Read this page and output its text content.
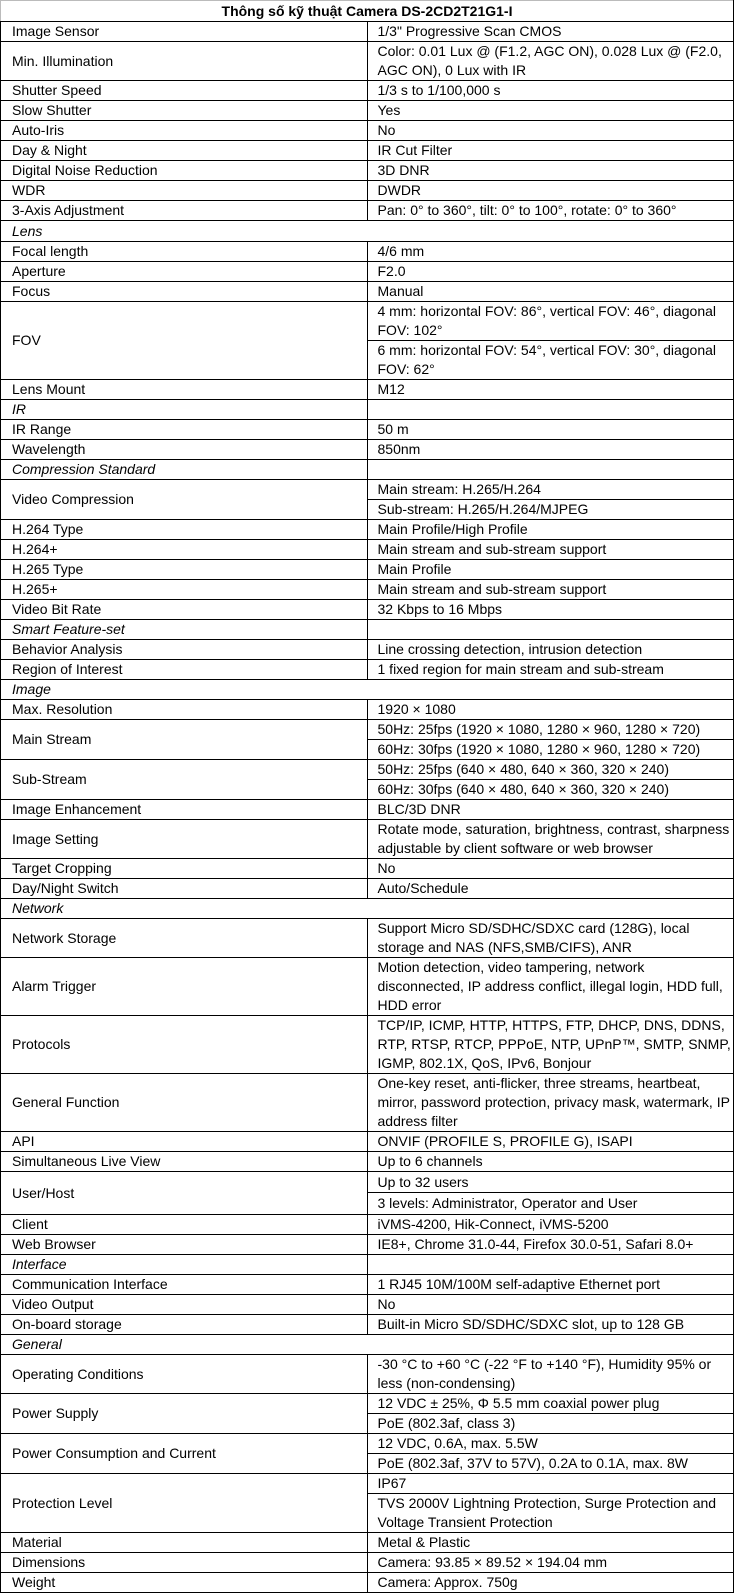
Thông số kỹ thuật Camera DS-2CD2T21G1-I	
Image Sensor	1/3" Progressive Scan CMOS
Min. Illumination	Color: 0.01 Lux @ (F1.2, AGC ON), 0.028 Lux @ (F2.0, AGC ON), 0 Lux with IR
Shutter Speed	1/3 s to 1/100,000 s
Slow Shutter	Yes
Auto-Iris	No
Day & Night	IR Cut Filter
Digital Noise Reduction	3D DNR
WDR	DWDR
3-Axis Adjustment	Pan: 0° to 360°, tilt: 0° to 100°, rotate: 0° to 360°
Lens	
Focal length	4/6 mm
Aperture	F2.0
Focus	Manual
FOV	4 mm: horizontal FOV: 86°, vertical FOV: 46°, diagonal FOV: 102°
	6 mm: horizontal FOV: 54°, vertical FOV: 30°, diagonal FOV: 62°
Lens Mount	M12
IR	
IR Range	50 m
Wavelength	850nm
Compression Standard	
Video Compression	Main stream: H.265/H.264
	Sub-stream: H.265/H.264/MJPEG
H.264 Type	Main Profile/High Profile
H.264+	Main stream and sub-stream support
H.265 Type	Main Profile
H.265+	Main stream and sub-stream support
Video Bit Rate	32 Kbps to 16 Mbps
Smart Feature-set	
Behavior Analysis	Line crossing detection, intrusion detection
Region of Interest	1 fixed region for main stream and sub-stream
Image	
Max. Resolution	1920 × 1080
Main Stream	50Hz: 25fps (1920 × 1080, 1280 × 960, 1280 × 720)
	60Hz: 30fps (1920 × 1080, 1280 × 960, 1280 × 720)
Sub-Stream	50Hz: 25fps (640 × 480, 640 × 360, 320 × 240)
	60Hz: 30fps (640 × 480, 640 × 360, 320 × 240)
Image Enhancement	BLC/3D DNR
Image Setting	Rotate mode, saturation, brightness, contrast, sharpness adjustable by client software or web browser
Target Cropping	No
Day/Night Switch	Auto/Schedule
Network	
Network Storage	Support Micro SD/SDHC/SDXC card (128G), local storage and NAS (NFS,SMB/CIFS), ANR
Alarm Trigger	Motion detection, video tampering, network disconnected, IP address conflict, illegal login, HDD full, HDD error
Protocols	TCP/IP, ICMP, HTTP, HTTPS, FTP, DHCP, DNS, DDNS, RTP, RTSP, RTCP, PPPoE, NTP, UPnP™, SMTP, SNMP, IGMP, 802.1X, QoS, IPv6, Bonjour
General Function	One-key reset, anti-flicker, three streams, heartbeat, mirror, password protection, privacy mask, watermark, IP address filter
API	ONVIF (PROFILE S, PROFILE G), ISAPI
Simultaneous Live View	Up to 6 channels
User/Host	Up to 32 users
	3 levels: Administrator, Operator and User
Client	iVMS-4200, Hik-Connect, iVMS-5200
Web Browser	IE8+, Chrome 31.0-44, Firefox 30.0-51, Safari 8.0+
Interface	
Communication Interface	1 RJ45 10M/100M self-adaptive Ethernet port
Video Output	No
On-board storage	Built-in Micro SD/SDHC/SDXC slot, up to 128 GB
General	
Operating Conditions	-30 °C to +60 °C (-22 °F to +140 °F), Humidity 95% or less (non-condensing)
Power Supply	12 VDC ± 25%, Φ 5.5 mm coaxial power plug
	PoE (802.3af, class 3)
Power Consumption and Current	12 VDC, 0.6A, max. 5.5W
	PoE (802.3af, 37V to 57V), 0.2A to 0.1A, max. 8W
Protection Level	IP67
	TVS 2000V Lightning Protection, Surge Protection and Voltage Transient Protection
Material	Metal & Plastic
Dimensions	Camera: 93.85 × 89.52 × 194.04 mm
Weight	Camera: Approx. 750g
